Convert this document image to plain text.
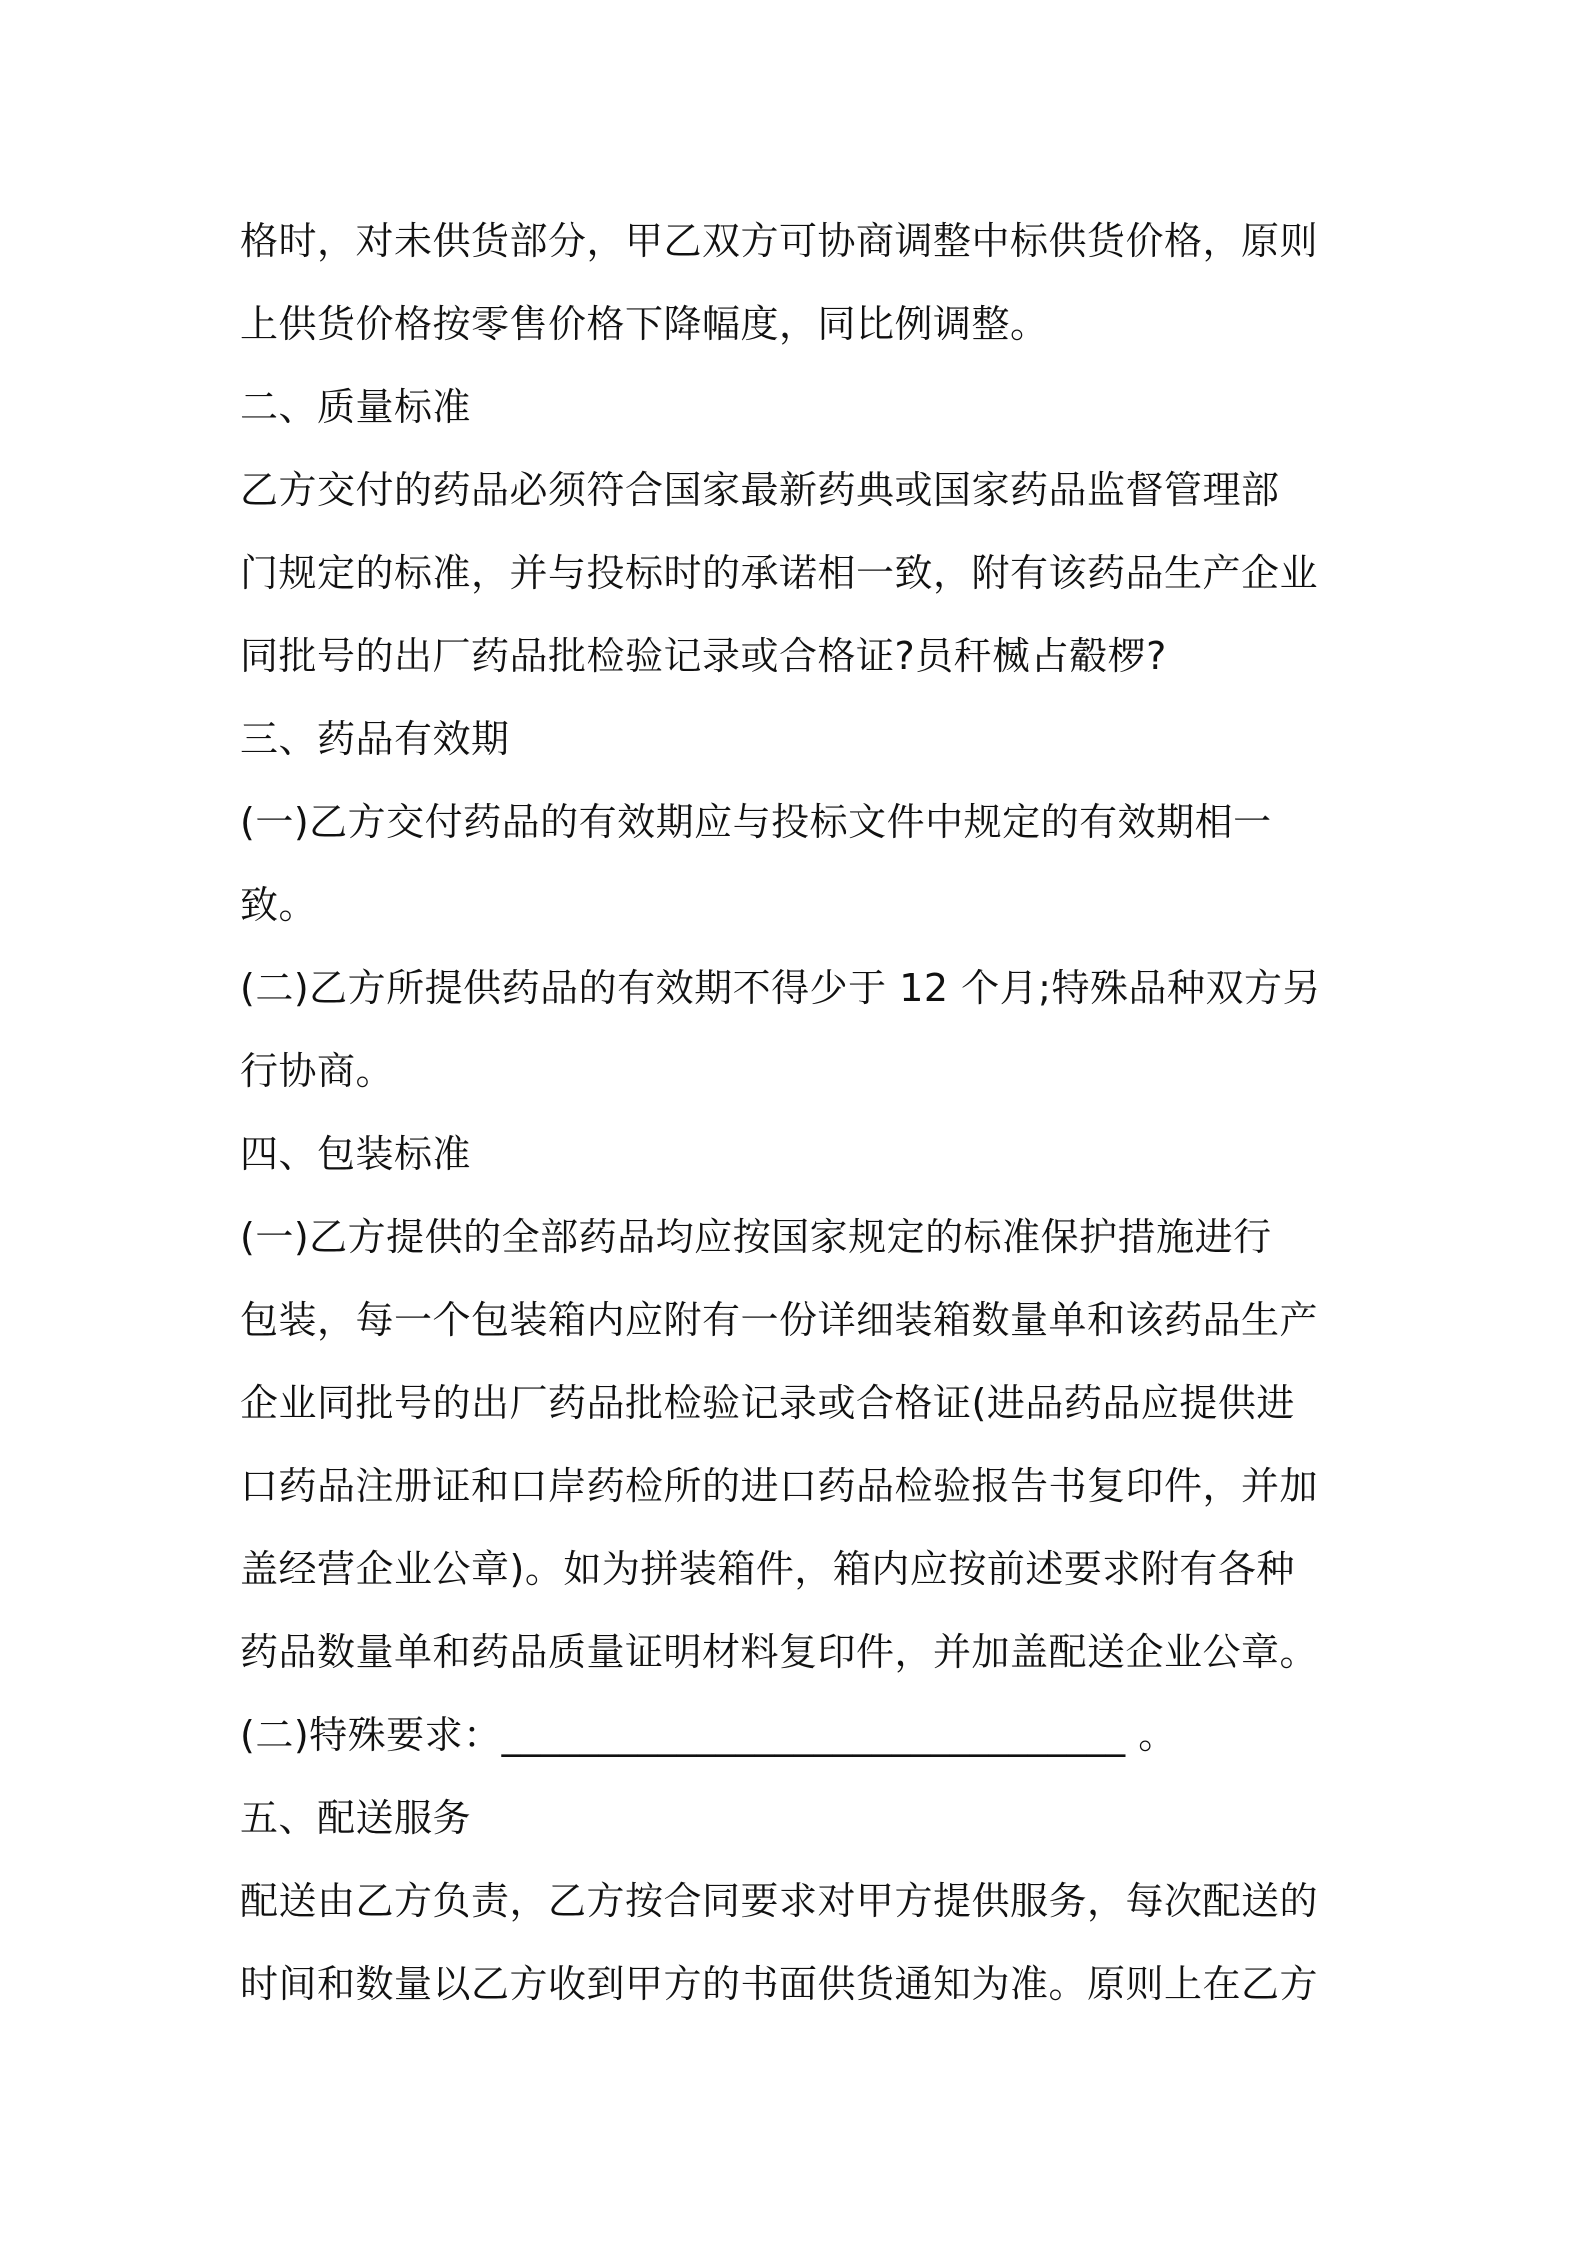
格时，对未供货部分，甲乙双方可协商调整中标供货价格，原则
上供货价格按零售价格下降幅度，同比例调整。
二、质量标准
乙方交付的药品必须符合国家最新药典或国家药品监督管理部
门规定的标准，并与投标时的承诺相一致，附有该药品生产企业
同批号的出厂药品批检验记录或合格证?员秆楲占觳椤?
三、药品有效期
(一)乙方交付药品的有效期应与投标文件中规定的有效期相一
致。
(二)乙方所提供药品的有效期不得少于 12 个月;特殊品种双方另
行协商。
四、包装标准
(一)乙方提供的全部药品均应按国家规定的标准保护措施进行
包装，每一个包装箱内应附有一份详细装箱数量单和该药品生产
企业同批号的出厂药品批检验记录或合格证(进品药品应提供进
口药品注册证和口岸药检所的进口药品检验报告书复印件，并加
盖经营企业公章)。如为拼装箱件，箱内应按前述要求附有各种
药品数量单和药品质量证明材料复印件，并加盖配送企业公章。
(二)特殊要求：________________________________ 。
五、配送服务
配送由乙方负责，乙方按合同要求对甲方提供服务，每次配送的
时间和数量以乙方收到甲方的书面供货通知为准。原则上在乙方
